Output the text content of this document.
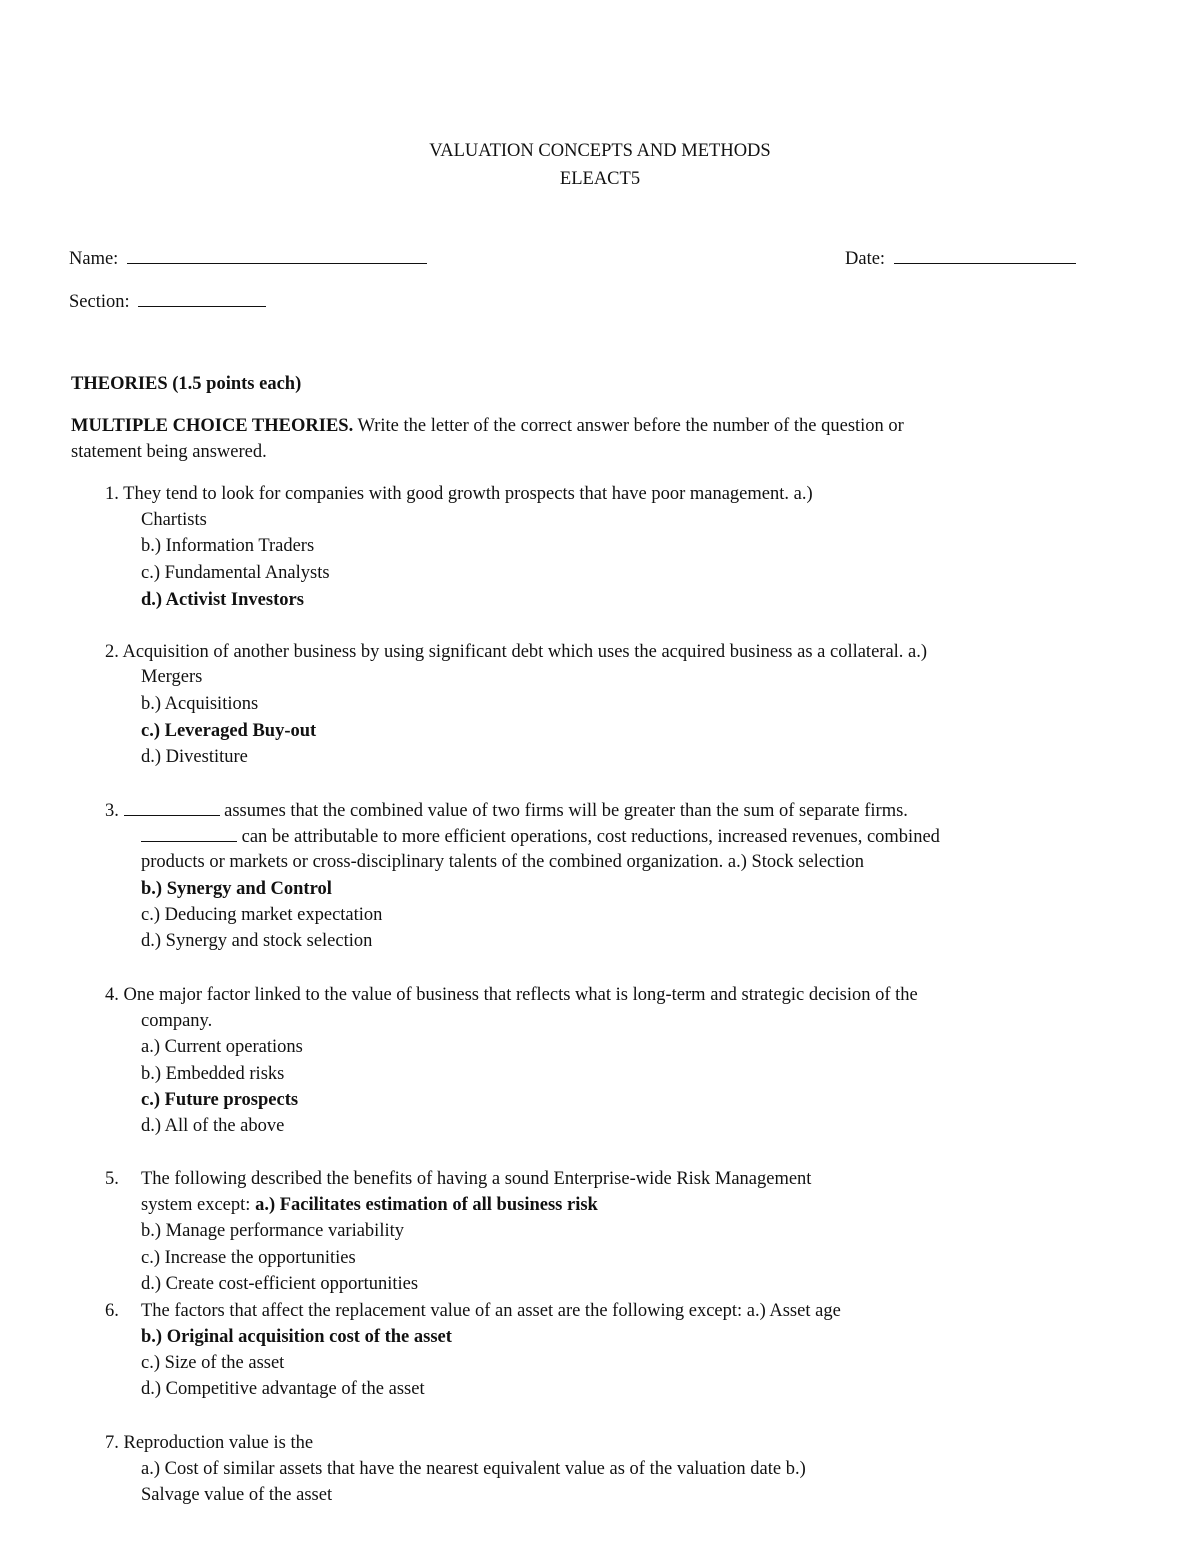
VALUATION CONCEPTS AND METHODS
ELEACT5
Name:	Date:
Section:
THEORIES (1.5 points each)
MULTIPLE CHOICE THEORIES. Write the letter of the correct answer before the number of the question or
statement being answered.
1. They tend to look for companies with good growth prospects that have poor management. a.)
Chartists
b.) Information Traders
c.) Fundamental Analysts
d.) Activist Investors
2. Acquisition of another business by using significant debt which uses the acquired business as a collateral. a.)
Mergers
b.) Acquisitions
c.) Leveraged Buy-out
d.) Divestiture
3.	assumes that the combined value of two firms will be greater than the sum of separate firms.
can be attributable to more efficient operations, cost reductions, increased revenues, combined
products or markets or cross-disciplinary talents of the combined organization. a.) Stock selection
b.) Synergy and Control
c.) Deducing market expectation
d.) Synergy and stock selection
4. One major factor linked to the value of business that reflects what is long-term and strategic decision of the
company.
a.) Current operations
b.) Embedded risks
c.) Future prospects
d.) All of the above
5. The following described the benefits of having a sound Enterprise-wide Risk Management
system except: a.) Facilitates estimation of all business risk
b.) Manage performance variability
c.) Increase the opportunities
d.) Create cost-efficient opportunities
6. The factors that affect the replacement value of an asset are the following except: a.) Asset age
b.) Original acquisition cost of the asset
c.) Size of the asset
d.) Competitive advantage of the asset
7. Reproduction value is the
a.) Cost of similar assets that have the nearest equivalent value as of the valuation date b.)
Salvage value of the asset
